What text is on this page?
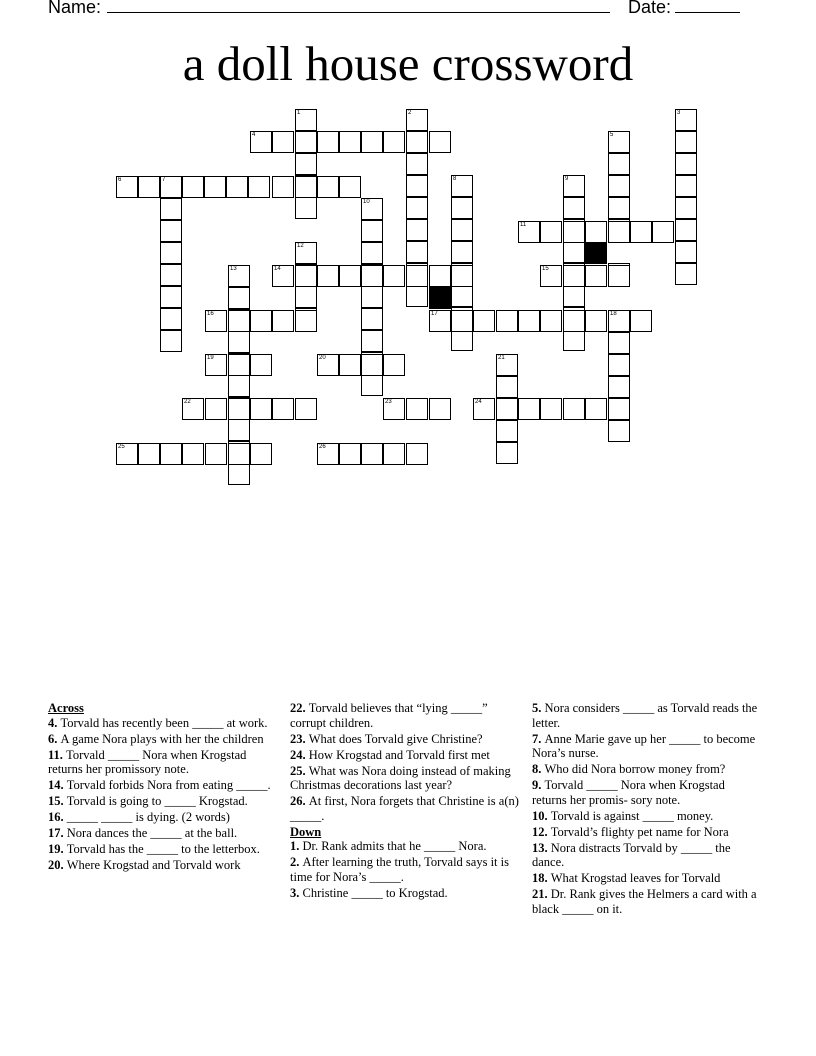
Name:	Date:
a doll house crossword
1	2	3
4	5
6	7	8	9
10
11
12
13	14	15
16	17	18
19	20	21
22	23	24
25	26
Across
4. Torvald has recently been _____ at work.
6. A game Nora plays with her the children
11. Torvald _____ Nora when Krogstad returns her promissory note.
14. Torvald forbids Nora from eating _____.
15. Torvald is going to _____ Krogstad.
16. _____ _____ is dying. (2 words)
17. Nora dances the _____ at the ball.
19. Torvald has the _____ to the letterbox.
20. Where Krogstad and Torvald work
22. Torvald believes that “lying _____” corrupt children.
23. What does Torvald give Christine?
24. How Krogstad and Torvald first met
25. What was Nora doing instead of making Christmas decorations last year?
26. At first, Nora forgets that Christine is a(n) _____.
Down
1. Dr. Rank admits that he _____ Nora.
2. After learning the truth, Torvald says it is time for Nora’s _____.
3. Christine _____ to Krogstad.
5. Nora considers _____ as Torvald reads the letter.
7. Anne Marie gave up her _____ to become Nora’s nurse.
8. Who did Nora borrow money from?
9. Torvald _____ Nora when Krogstad returns her promis- sory note.
10. Torvald is against _____ money.
12. Torvald’s flighty pet name for Nora
13. Nora distracts Torvald by _____ the dance.
18. What Krogstad leaves for Torvald
21. Dr. Rank gives the Helmers a card with a black _____ on it.
